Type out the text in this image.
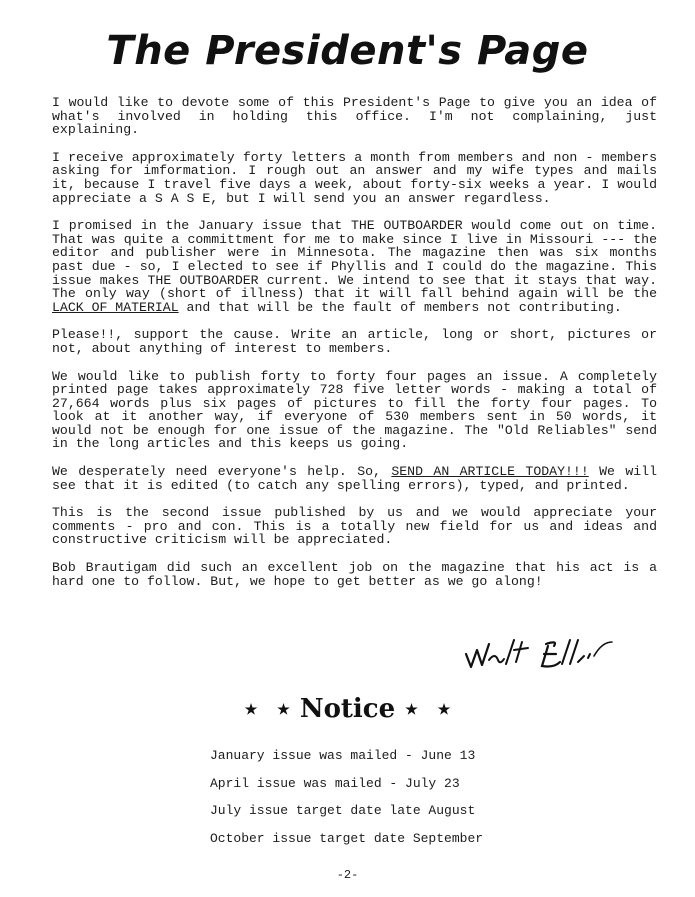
The President's Page

I would like to devote some of this President's Page to give you an idea of what's involved in holding this office. I'm not complaining, just explaining.

I receive approximately forty letters a month from members and non - members asking for imformation. I rough out an answer and my wife types and mails it, because I travel five days a week, about forty-six weeks a year. I would appreciate a S A S E, but I will send you an answer regardless.

I promised in the January issue that THE OUTBOARDER would come out on time. That was quite a committment for me to make since I live in Missouri --- the editor and publisher were in Minnesota. The magazine then was six months past due - so, I elected to see if Phyllis and I could do the magazine. This issue makes THE OUTBOARDER current. We intend to see that it stays that way. The only way (short of illness) that it will fall behind again will be the LACK OF MATERIAL and that will be the fault of members not contributing.

Please!!, support the cause. Write an article, long or short, pictures or not, about anything of interest to members.

We would like to publish forty to forty four pages an issue. A completely printed page takes approximately 728 five letter words - making a total of 27,664 words plus six pages of pictures to fill the forty four pages. To look at it another way, if everyone of 530 members sent in 50 words, it would not be enough for one issue of the magazine. The "Old Reliables" send in the long articles and this keeps us going.

We desperately need everyone's help. So, SEND AN ARTICLE TODAY!!! We will see that it is edited (to catch any spelling errors), typed, and printed.

This is the second issue published by us and we would appreciate your comments - pro and con. This is a totally new field for us and ideas and constructive criticism will be appreciated.

Bob Brautigam did such an excellent job on the magazine that his act is a hard one to follow. But, we hope to get better as we go along!

★ ★ Notice ★ ★
January issue was mailed - June 13
April issue was mailed - July 23
July issue target date late August
October issue target date September
-2-
